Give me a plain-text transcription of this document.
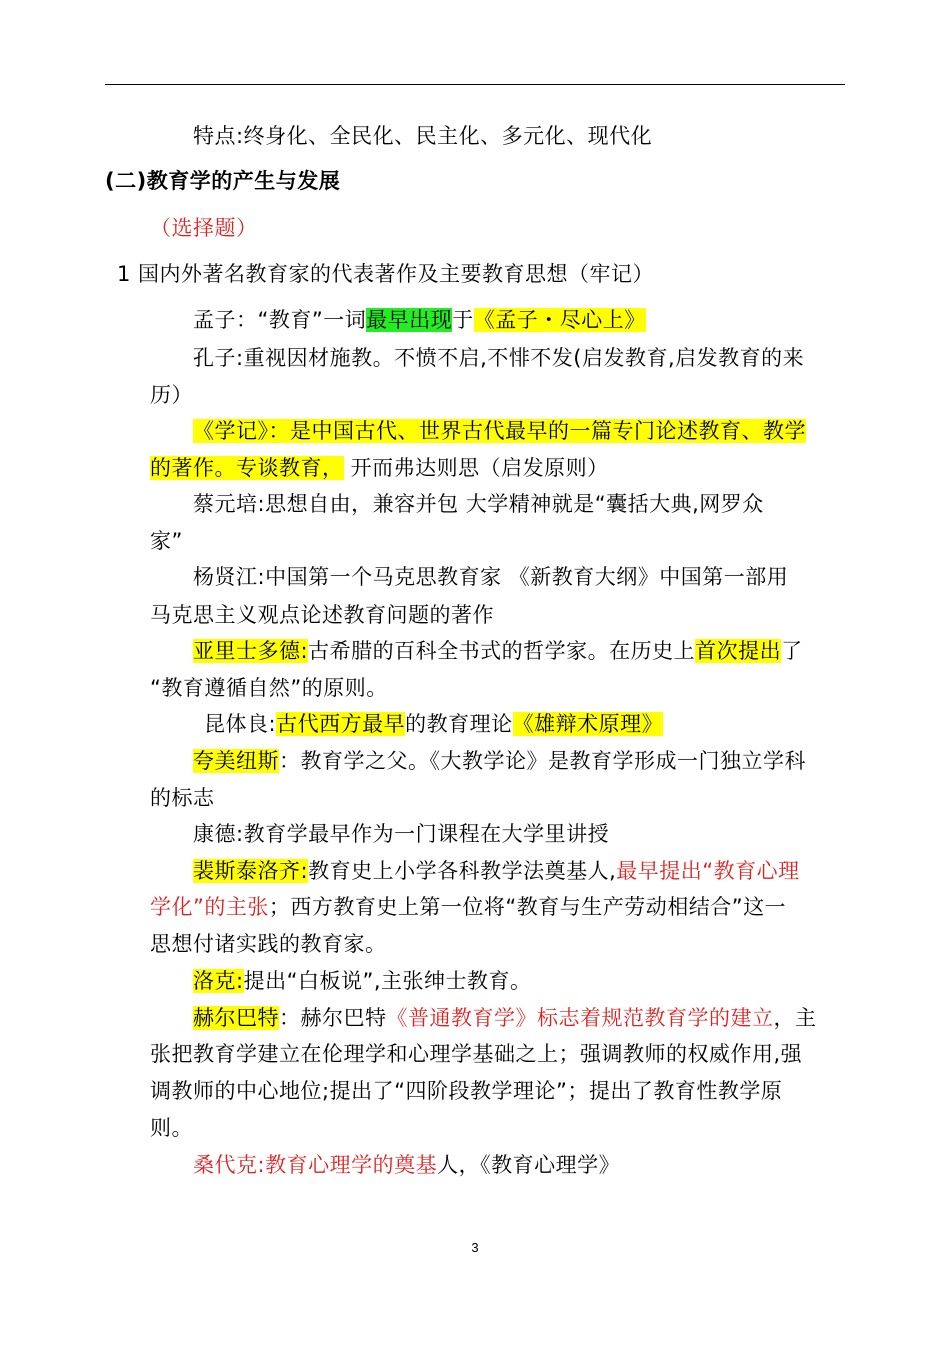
特点:终身化、全民化、民主化、多元化、现代化
(二)教育学的产生与发展
（选择题）
1 国内外著名教育家的代表著作及主要教育思想（牢记）
孟子：“教育”一词最早出现于《孟子・尽心上》
孔子:重视因材施教。不愤不启,不悱不发(启发教育,启发教育的来
历）
《学记》：是中国古代、世界古代最早的一篇专门论述教育、教学
的著作。专谈教育， 开而弗达则思（启发原则）
蔡元培:思想自由，兼容并包 大学精神就是“囊括大典,网罗众
家”
杨贤江:中国第一个马克思教育家 《新教育大纲》中国第一部用
马克思主义观点论述教育问题的著作
亚里士多德:古希腊的百科全书式的哲学家。在历史上首次提出了
“教育遵循自然”的原则。
昆体良:古代西方最早的教育理论《雄辩术原理》
夸美纽斯：教育学之父。《大教学论》是教育学形成一门独立学科
的标志
康德:教育学最早作为一门课程在大学里讲授
裴斯泰洛齐:教育史上小学各科教学法奠基人,最早提出“教育心理
学化”的主张；西方教育史上第一位将“教育与生产劳动相结合”这一
思想付诸实践的教育家。
洛克:提出“白板说”,主张绅士教育。
赫尔巴特：赫尔巴特《普通教育学》标志着规范教育学的建立，主
张把教育学建立在伦理学和心理学基础之上；强调教师的权威作用,强
调教师的中心地位;提出了“四阶段教学理论”；提出了教育性教学原
则。
桑代克:教育心理学的奠基人，《教育心理学》
3
